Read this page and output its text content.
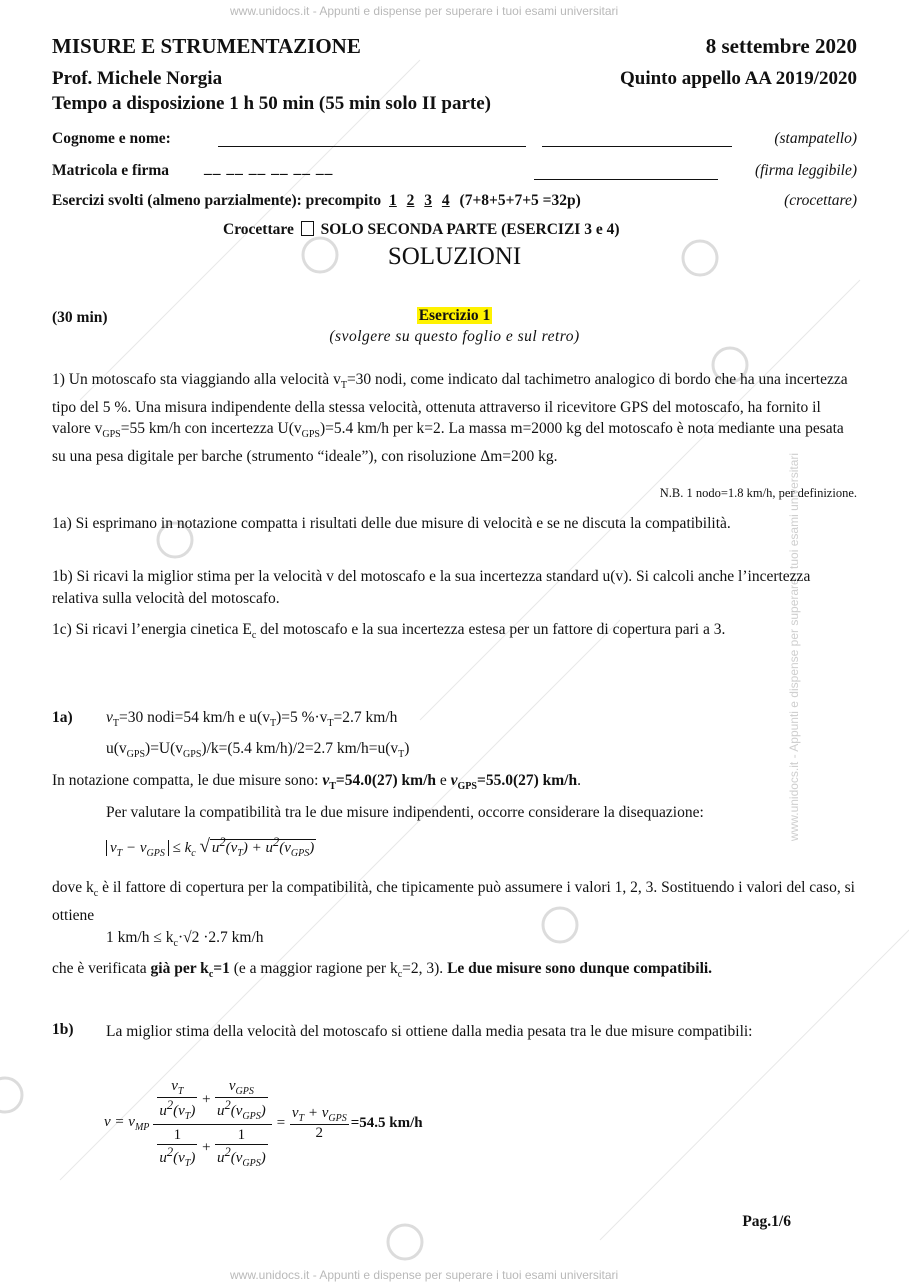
www.unidocs.it - Appunti e dispense per superare i tuoi esami universitari
www.unidocs.it - Appunti e dispense per superare i tuoi esami universitari
www.unidocs.it - Appunti e dispense per superare i tuoi esami universitari
MISURE E STRUMENTAZIONE	8 settembre 2020
Prof. Michele Norgia	Quinto appello AA 2019/2020
Tempo a disposizione 1 h 50 min (55 min solo II parte)
Cognome e nome:	(stampatello)
Matricola e firma __ __ __ __ __ __	(firma leggibile)
Esercizi svolti (almeno parzialmente): precompito 1 2 3 4 (7+8+5+7+5 =32p)	(crocettare)
Crocettare SOLO SECONDA PARTE (ESERCIZI 3 e 4)
SOLUZIONI
(30 min)	Esercizio 1
(svolgere su questo foglio e sul retro)
1) Un motoscafo sta viaggiando alla velocità $v_T=30$ nodi, come indicato dal tachimetro analogico di bordo che ha una incertezza tipo del 5 %. Una misura indipendente della stessa velocità, ottenuta attraverso il ricevitore GPS del motoscafo, ha fornito il valore $v_{GPS}=55$ km/h con incertezza $U(v_{GPS})=5.4$ km/h per k=2. La massa m=2000 kg del motoscafo è nota mediante una pesata su una pesa digitale per barche (strumento “ideale”), con risoluzione Δm=200 kg.
N.B. 1 nodo=1.8 km/h, per definizione.
1a) Si esprimano in notazione compatta i risultati delle due misure di velocità e se ne discuta la compatibilità.
1b) Si ricavi la miglior stima per la velocità v del motoscafo e la sua incertezza standard u(v). Si calcoli anche l’incertezza relativa sulla velocità del motoscafo.
1c) Si ricavi l’energia cinetica $E_c$ del motoscafo e la sua incertezza estesa per un fattore di copertura pari a 3.
1a) $v_T=30$ nodi=54 km/h e $u(v_T)=5$ $\%\cdot v_T=2.7$ km/h
$u(v_{GPS})=U(v_{GPS})/k=(5.4$ km/h)/2=2.7 $km/h=u(v_T)$
In notazione compatta, le due misure sono: $v_T=54.0(27)$ km/h e $v_{GPS}=55.0(27)$ km/h.
Per valutare la compatibilità tra le due misure indipendenti, occorre considerare la disequazione:
$v_T - v_{GPS} \le k_c$ √ $u^2(v_T) + u^2(v_{GPS})$
dove $k_c$ è il fattore di copertura per la compatibilità, che tipicamente può assumere i valori 1, 2, 3. Sostituendo i valori del caso, si ottiene
1 $km/h \le k_c\cdot√2 \cdot 2.7$ km/h
che è verificata già per $k_c=1$ (e a maggior ragione per $k_c=2$, 3). Le due misure sono dunque compatibili.
1b)	La miglior stima della velocità del motoscafo si ottiene dalla media pesata tra le due misure compatibili:
$v = v_{MP} \frac{\frac{v_T}{u^2(v_T)} + \frac{v_{GPS}}{u^2(v_{GPS})}}{\frac{1}{u^2(v_T)} + \frac{1}{u^2(v_{GPS})}} = \frac{v_T + v_{GPS}}{2} =54.5$ km/h
Pag.1/6
